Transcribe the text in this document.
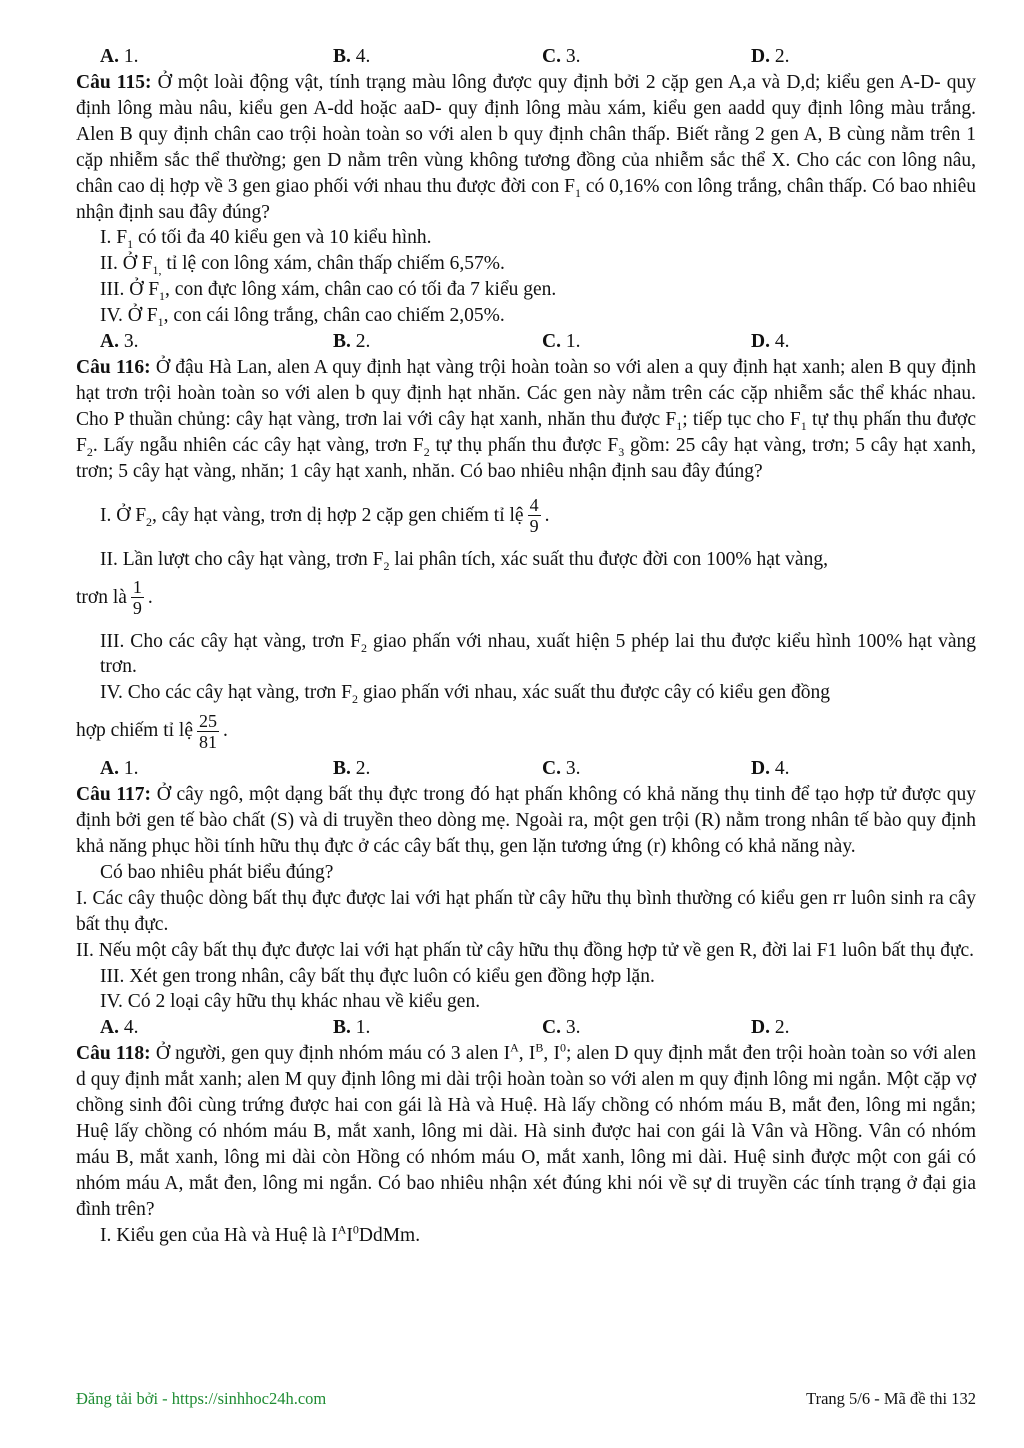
A. 1.	B. 4.	C. 3.	D. 2.

Câu 115: Ở một loài động vật, tính trạng màu lông được quy định bởi 2 cặp gen A,a và D,d; kiểu gen A-D- quy định lông màu nâu, kiểu gen A-dd hoặc aaD- quy định lông màu xám, kiểu gen aadd quy định lông màu trắng. Alen B quy định chân cao trội hoàn toàn so với alen b quy định chân thấp. Biết rằng 2 gen A, B cùng nằm trên 1 cặp nhiễm sắc thể thường; gen D nằm trên vùng không tương đồng của nhiễm sắc thể X. Cho các con lông nâu, chân cao dị hợp về 3 gen giao phối với nhau thu được đời con $F_1$ có 0,16% con lông trắng, chân thấp. Có bao nhiêu nhận định sau đây đúng?

I. $F_1$ có tối đa 40 kiểu gen và 10 kiểu hình.

II. Ở $F_{1,}$ tỉ lệ con lông xám, chân thấp chiếm 6,57%.

III. Ở $F_1$, con đực lông xám, chân cao có tối đa 7 kiểu gen.

IV. Ở $F_1$, con cái lông trắng, chân cao chiếm 2,05%.

A. 3.	B. 2.	C. 1.	D. 4.

Câu 116: Ở đậu Hà Lan, alen A quy định hạt vàng trội hoàn toàn so với alen a quy định hạt xanh; alen B quy định hạt trơn trội hoàn toàn so với alen b quy định hạt nhăn. Các gen này nằm trên các cặp nhiễm sắc thể khác nhau. Cho P thuần chủng: cây hạt vàng, trơn lai với cây hạt xanh, nhăn thu được $F_1$; tiếp tục cho $F_1$ tự thụ phấn thu được $F_2$. Lấy ngẫu nhiên các cây hạt vàng, trơn $F_2$ tự thụ phấn thu được $F_3$ gồm: 25 cây hạt vàng, trơn; 5 cây hạt xanh, trơn; 5 cây hạt vàng, nhăn; 1 cây hạt xanh, nhăn. Có bao nhiêu nhận định sau đây đúng?

I. Ở $F_2$, cây hạt vàng, trơn dị hợp 2 cặp gen chiếm tỉ lệ $\frac{4}{9}$ .

II. Lần lượt cho cây hạt vàng, trơn $F_2$ lai phân tích, xác suất thu được đời con 100% hạt vàng,

trơn là $\frac{1}{9}$ .

III. Cho các cây hạt vàng, trơn $F_2$ giao phấn với nhau, xuất hiện 5 phép lai thu được kiểu hình 100% hạt vàng trơn.

IV. Cho các cây hạt vàng, trơn $F_2$ giao phấn với nhau, xác suất thu được cây có kiểu gen đồng

hợp chiếm tỉ lệ $\frac{25}{81}$ .
A. 1.	B. 2.	C. 3.	D. 4.

Câu 117: Ở cây ngô, một dạng bất thụ đực trong đó hạt phấn không có khả năng thụ tinh để tạo hợp tử được quy định bởi gen tế bào chất (S) và di truyền theo dòng mẹ. Ngoài ra, một gen trội (R) nằm trong nhân tế bào quy định khả năng phục hồi tính hữu thụ đực ở các cây bất thụ, gen lặn tương ứng (r) không có khả năng này.

Có bao nhiêu phát biểu đúng?

I. Các cây thuộc dòng bất thụ đực được lai với hạt phấn từ cây hữu thụ bình thường có kiểu gen rr luôn sinh ra cây bất thụ đực.

II. Nếu một cây bất thụ đực được lai với hạt phấn từ cây hữu thụ đồng hợp tử về gen R, đời lai F1 luôn bất thụ đực.

III. Xét gen trong nhân, cây bất thụ đực luôn có kiểu gen đồng hợp lặn.

IV. Có 2 loại cây hữu thụ khác nhau về kiểu gen.

A. 4.	B. 1.	C. 3.	D. 2.

Câu 118: Ở người, gen quy định nhóm máu có 3 alen $I^A$, $I^B$, $I^0$; alen D quy định mắt đen trội hoàn toàn so với alen d quy định mắt xanh; alen M quy định lông mi dài trội hoàn toàn so với alen m quy định lông mi ngắn. Một cặp vợ chồng sinh đôi cùng trứng được hai con gái là Hà và Huệ. Hà lấy chồng có nhóm máu B, mắt đen, lông mi ngắn; Huệ lấy chồng có nhóm máu B, mắt xanh, lông mi dài. Hà sinh được hai con gái là Vân và Hồng. Vân có nhóm máu B, mắt xanh, lông mi dài còn Hồng có nhóm máu O, mắt xanh, lông mi dài. Huệ sinh được một con gái có nhóm máu A, mắt đen, lông mi ngắn. Có bao nhiêu nhận xét đúng khi nói về sự di truyền các tính trạng ở đại gia đình trên?

I. Kiểu gen của Hà và Huệ là $I^AI^0DdMm$.

Đăng tải bởi - https://sinhhoc24h.com	Trang 5/6 - Mã đề thi 132
